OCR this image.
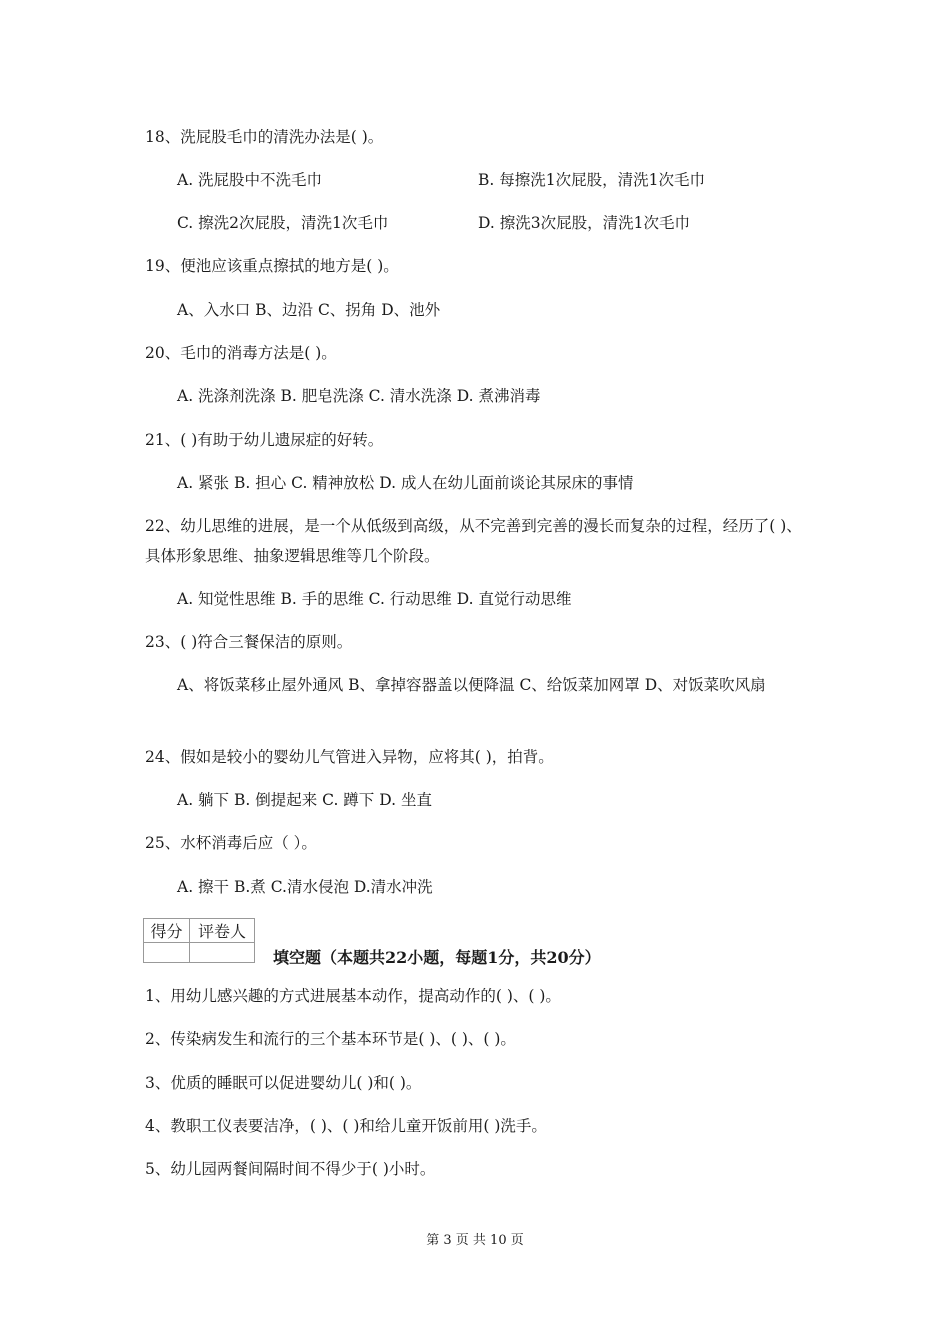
18、洗屁股毛巾的清洗办法是( )。
A. 洗屁股中不洗毛巾	B. 每擦洗1次屁股，清洗1次毛巾
C. 擦洗2次屁股，清洗1次毛巾	D. 擦洗3次屁股，清洗1次毛巾
19、便池应该重点擦拭的地方是( )。
A、入水口 B、边沿 C、拐角 D、池外
20、毛巾的消毒方法是( )。
A. 洗涤剂洗涤 B. 肥皂洗涤 C. 清水洗涤 D. 煮沸消毒
21、( )有助于幼儿遗尿症的好转。
A. 紧张 B. 担心 C. 精神放松 D. 成人在幼儿面前谈论其尿床的事情
22、幼儿思维的进展，是一个从低级到高级，从不完善到完善的漫长而复杂的过程，经历了( )、具体形象思维、抽象逻辑思维等几个阶段。
A. 知觉性思维 B. 手的思维 C. 行动思维 D. 直觉行动思维
23、( )符合三餐保洁的原则。
A、将饭菜移止屋外通风 B、拿掉容器盖以便降温 C、给饭菜加网罩 D、对饭菜吹风扇
24、假如是较小的婴幼儿气管进入异物，应将其( )，拍背。
A. 躺下 B. 倒提起来 C. 蹲下 D. 坐直
25、水杯消毒后应（ ）。
A. 擦干 B.煮 C.清水侵泡 D.清水冲洗
得分	评卷人

填空题（本题共22小题，每题1分，共20分）
1、用幼儿感兴趣的方式进展基本动作，提高动作的( )、( )。
2、传染病发生和流行的三个基本环节是( )、( )、( )。
3、优质的睡眠可以促进婴幼儿( )和( )。
4、教职工仪表要洁净，( )、( )和给儿童开饭前用( )洗手。
5、幼儿园两餐间隔时间不得少于( )小时。
第 3 页 共 10 页
